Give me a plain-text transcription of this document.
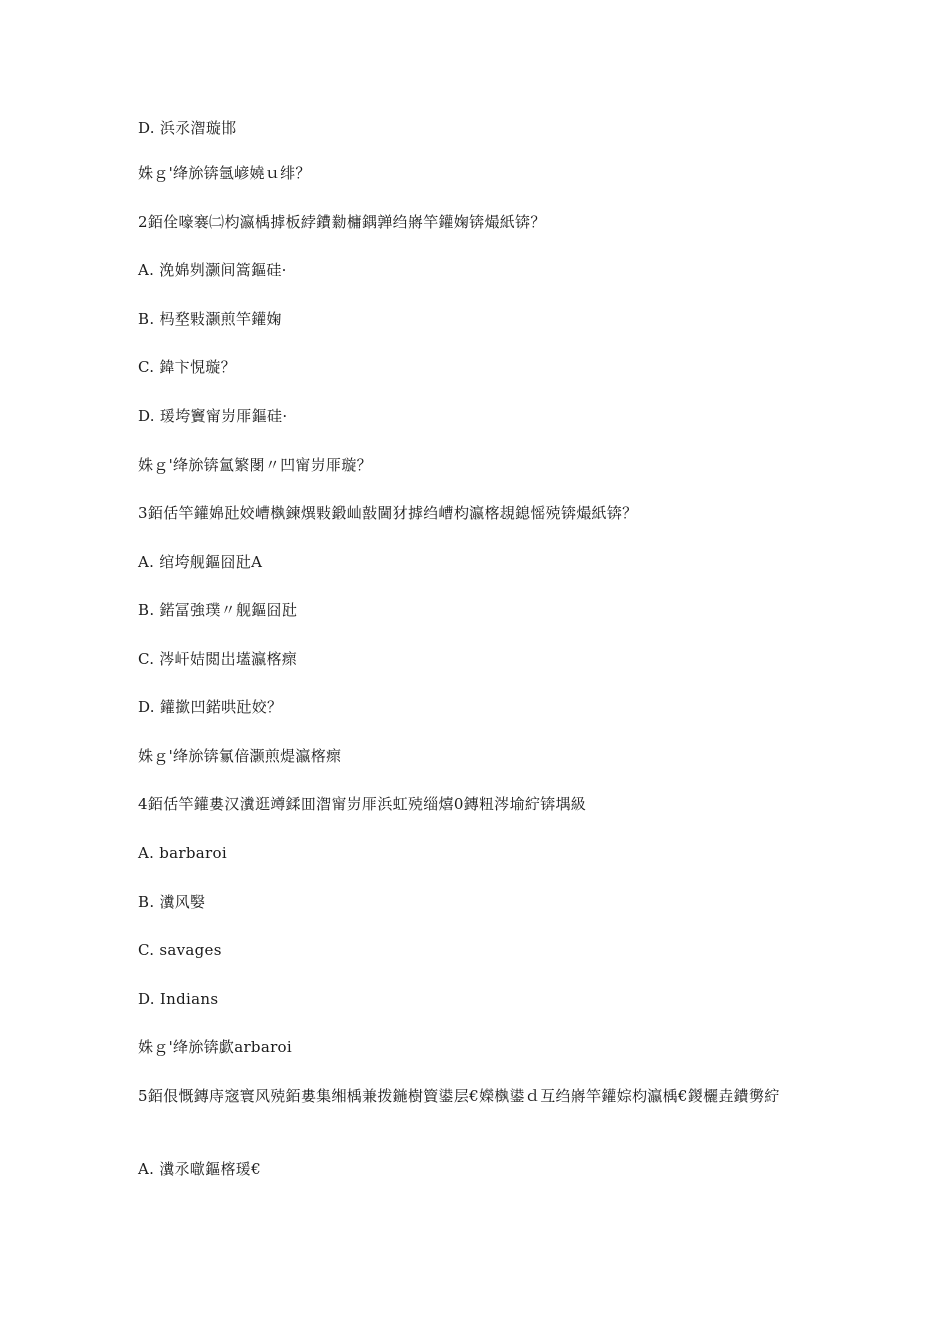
D. 浜氶潪璇邯
姝ｇ'绛旀锛氬嵃嬈ｕ绯？
2銆佺嚎褰㈡枃瀛楀摢板綍鐨勬槦鍝亸绉嶈竿鑵婅锛熶紙锛？
A. 浼婂刿灏间篙鏂硅·
B. 杩堥敤灏煎竿鑵婅
C. 鍏卞悓璇？
D. 瑗垮竇甯岃厞鏂硅·
姝ｇ'绛旀锛氳繁閿〃凹甯岃厞璇？
3銆佸竿鑵婂瓧姣嶆槸鍊熼敤鍛屾敼閫犲摢绉嶆枃瀛楁覟鎴愮殑锛熶紙锛？
A. 绾垮舰鏂囧瓧A
B. 鍩冨強璞〃舰鏂囧瓧
C. 涔屽姞閲岀壒瀛楁瘝
D. 鑵撳凹鍩哄瓧姣？
姝ｇ'绛旀锛氱偣灏煎煶瀛楁瘝
4銆佸竿鑵婁汉瀵逛竴鍒囬潪甯岃厞浜虹殑缁熺0鏄粈涔堬紵锛堣級
A. barbaroi
B. 瀵风嫛
C. savages
D. Indians
姝ｇ'绛旀锛歔arbaroi
5銆佷慨鏄庤窛寰风殑銆婁集缃楀兼拨鍦樹簤鍙层€嬫槸鍙ｄ互绉嶈竿鑵婃枃瀛楀€鍐欐垚鐨勶紵
A. 瀵氶噷鏂楁瑗€
